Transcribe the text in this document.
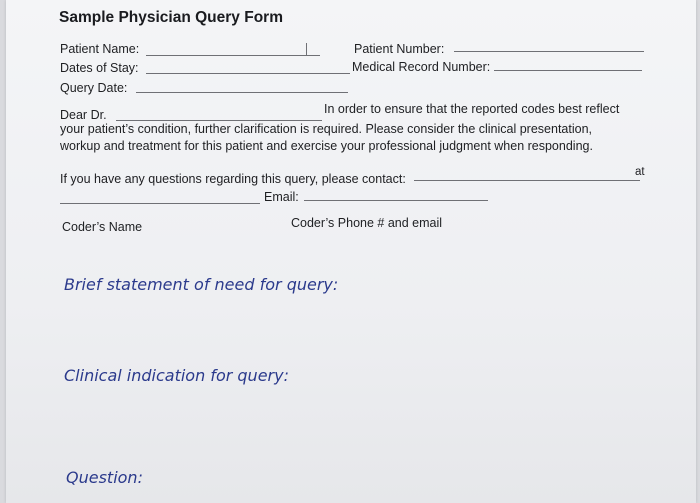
Sample Physician Query Form
Patient Name:	Patient Number:
Dates of Stay:	Medical Record Number:
Query Date:
Dear Dr.	In order to ensure that the reported codes best reflect
your patient’s condition, further clarification is required. Please consider the clinical presentation,
workup and treatment for this patient and exercise your professional judgment when responding.
If you have any questions regarding this query, please contact:	at
Email:
Coder’s Name	Coder’s Phone # and email
Brief statement of need for query:
Clinical indication for query:
Question:
